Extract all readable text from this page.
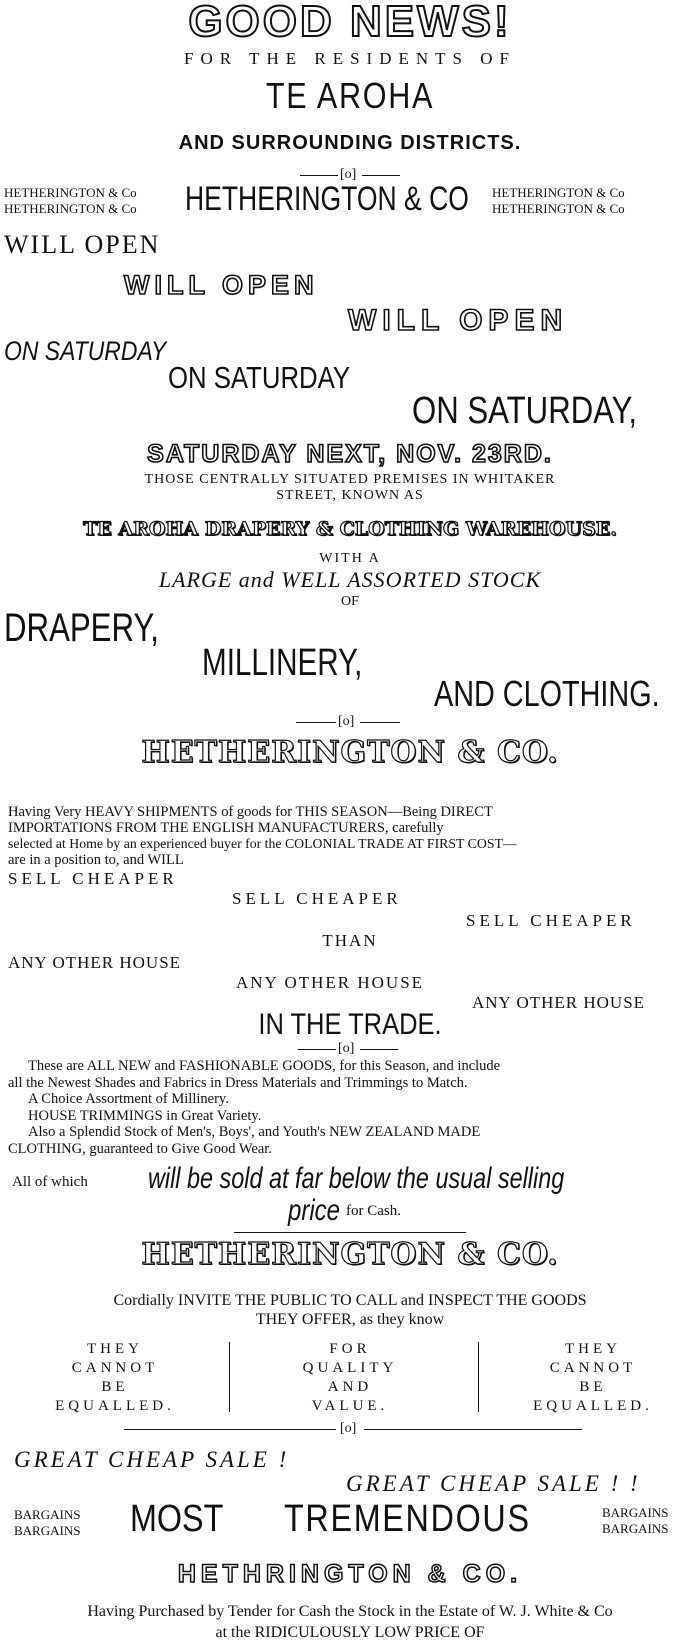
GOOD NEWS!
FOR THE RESIDENTS OF
TE AROHA
AND SURROUNDING DISTRICTS.
[o]
HETHERINGTON & Co
HETHERINGTON & Co HETHERINGTON & CO HETHERINGTON & Co
HETHERINGTON & Co
WILL OPEN
WILL OPEN
WILL OPEN
ON SATURDAY
ON SATURDAY
ON SATURDAY,
SATURDAY NEXT, NOV. 23RD.
THOSE CENTRALLY SITUATED PREMISES IN WHITAKER
STREET, KNOWN AS
TE AROHA DRAPERY & CLOTHING WAREHOUSE.
WITH A
LARGE and WELL ASSORTED STOCK
OF
DRAPERY,
MILLINERY,
AND CLOTHING.
[o]
HETHERINGTON & CO.
Having Very HEAVY SHIPMENTS of goods for THIS SEASON—Being DIRECT
IMPORTATIONS FROM THE ENGLISH MANUFACTURERS, carefully
selected at Home by an experienced buyer for the COLONIAL TRADE AT FIRST COST—
are in a position to, and WILL
SELL CHEAPER
SELL CHEAPER
SELL CHEAPER
THAN
ANY OTHER HOUSE
ANY OTHER HOUSE
ANY OTHER HOUSE
IN THE TRADE.
[o]
These are ALL NEW and FASHIONABLE GOODS, for this Season, and include
all the Newest Shades and Fabrics in Dress Materials and Trimmings to Match.
A Choice Assortment of Millinery.
HOUSE TRIMMINGS in Great Variety.
Also a Splendid Stock of Men's, Boys', and Youth's NEW ZEALAND MADE
CLOTHING, guaranteed to Give Good Wear.
All of which will be sold at far below the usual selling
price for Cash.
HETHERINGTON & CO.
Cordially INVITE THE PUBLIC TO CALL and INSPECT THE GOODS
THEY OFFER, as they know
THEY
CANNOT
BE
EQUALLED.
FOR
QUALITY
AND
VALUE.
THEY
CANNOT
BE
EQUALLED.
[o]
GREAT CHEAP SALE !
GREAT CHEAP SALE ! !
BARGAINS
BARGAINS MOST TREMENDOUS	BARGAINS
BARGAINS
HETHRINGTON & CO.
Having Purchased by Tender for Cash the Stock in the Estate of W. J. White & Co
at the RIDICULOUSLY LOW PRICE OF
